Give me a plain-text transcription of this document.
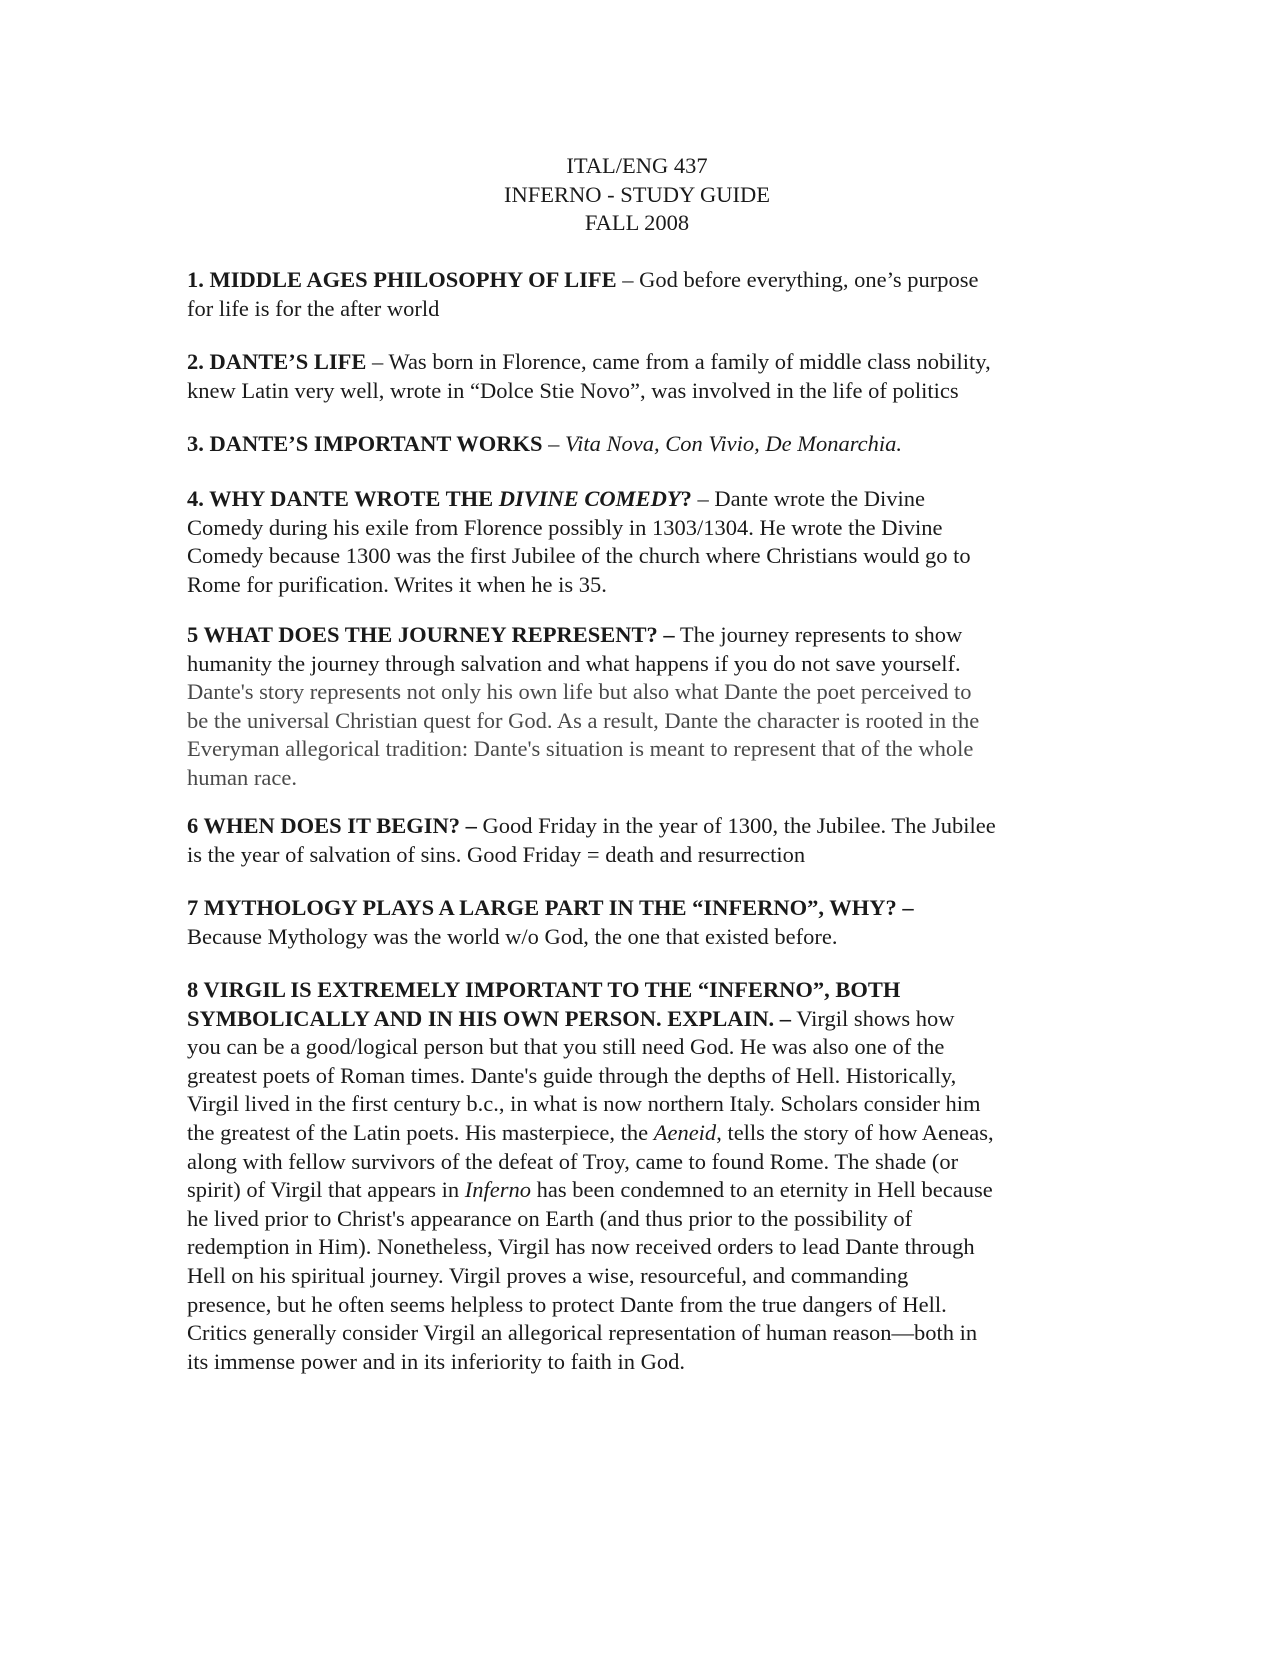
ITAL/ENG 437
INFERNO - STUDY GUIDE
FALL 2008
1. MIDDLE AGES PHILOSOPHY OF LIFE – God before everything, one’s purpose
for life is for the after world
2. DANTE’S LIFE – Was born in Florence, came from a family of middle class nobility,
knew Latin very well, wrote in “Dolce Stie Novo”, was involved in the life of politics
3. DANTE’S IMPORTANT WORKS – Vita Nova, Con Vivio, De Monarchia.
4. WHY DANTE WROTE THE DIVINE COMEDY? – Dante wrote the Divine
Comedy during his exile from Florence possibly in 1303/1304. He wrote the Divine
Comedy because 1300 was the first Jubilee of the church where Christians would go to
Rome for purification. Writes it when he is 35.
5 WHAT DOES THE JOURNEY REPRESENT? – The journey represents to show
humanity the journey through salvation and what happens if you do not save yourself.
Dante's story represents not only his own life but also what Dante the poet perceived to
be the universal Christian quest for God. As a result, Dante the character is rooted in the
Everyman allegorical tradition: Dante's situation is meant to represent that of the whole
human race.
6 WHEN DOES IT BEGIN? – Good Friday in the year of 1300, the Jubilee. The Jubilee
is the year of salvation of sins. Good Friday = death and resurrection
7 MYTHOLOGY PLAYS A LARGE PART IN THE “INFERNO”, WHY? –
Because Mythology was the world w/o God, the one that existed before.
8 VIRGIL IS EXTREMELY IMPORTANT TO THE “INFERNO”, BOTH
SYMBOLICALLY AND IN HIS OWN PERSON. EXPLAIN. – Virgil shows how
you can be a good/logical person but that you still need God. He was also one of the
greatest poets of Roman times. Dante's guide through the depths of Hell. Historically,
Virgil lived in the first century b.c., in what is now northern Italy. Scholars consider him
the greatest of the Latin poets. His masterpiece, the Aeneid, tells the story of how Aeneas,
along with fellow survivors of the defeat of Troy, came to found Rome. The shade (or
spirit) of Virgil that appears in Inferno has been condemned to an eternity in Hell because
he lived prior to Christ's appearance on Earth (and thus prior to the possibility of
redemption in Him). Nonetheless, Virgil has now received orders to lead Dante through
Hell on his spiritual journey. Virgil proves a wise, resourceful, and commanding
presence, but he often seems helpless to protect Dante from the true dangers of Hell.
Critics generally consider Virgil an allegorical representation of human reason—both in
its immense power and in its inferiority to faith in God.
